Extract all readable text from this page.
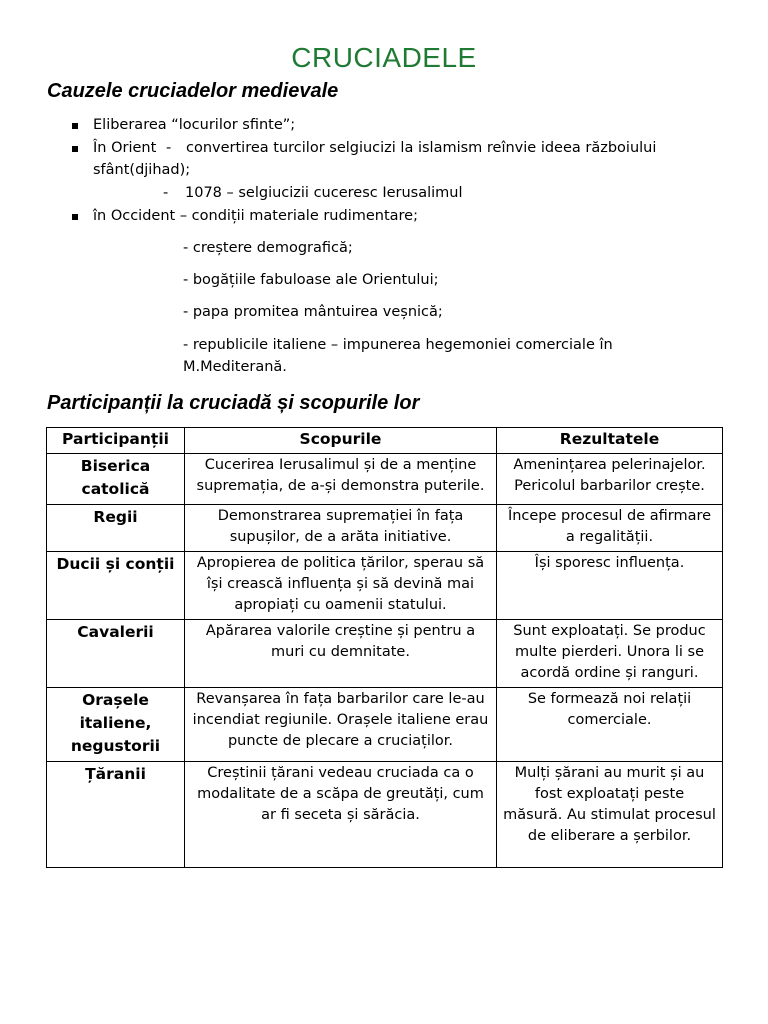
CRUCIADELE
Cauzele cruciadelor medievale
Eliberarea “locurilor sfinte”;
În Orient - convertirea turcilor selgiucizi la islamism reînvie ideea războiului
sfânt(djihad);
- 1078 – selgiucizii cuceresc Ierusalimul
în Occident – condiții materiale rudimentare;
- creștere demografică;
- bogățiile fabuloase ale Orientului;
- papa promitea mântuirea veșnică;
- republicile italiene – impunerea hegemoniei comerciale în
M.Mediterană.
Participanții la cruciadă și scopurile lor
Participanții	Scopurile	Rezultatele
Biserica catolică	Cucerirea Ierusalimul și de a menține supremația, de a-și demonstra puterile.	Amenințarea pelerinajelor. Pericolul barbarilor crește.
Regii	Demonstrarea supremației în fața supușilor, de a arăta initiative.	Începe procesul de afirmare a regalității.
Ducii și conții	Apropierea de politica țărilor, sperau să își crească influența și să devină mai apropiați cu oamenii statului.	Își sporesc influența.
Cavalerii	Apărarea valorile creștine și pentru a muri cu demnitate.	Sunt exploatați. Se produc multe pierderi. Unora li se acordă ordine și ranguri.
Orașele italiene, negustorii	Revanșarea în fața barbarilor care le-au incendiat regiunile. Orașele italiene erau puncte de plecare a cruciaților.	Se formează noi relații comerciale.
Țăranii	Creștinii țărani vedeau cruciada ca o modalitate de a scăpa de greutăți, cum ar fi seceta și sărăcia.	Mulți șărani au murit și au fost exploatați peste măsură. Au stimulat procesul de eliberare a șerbilor.
